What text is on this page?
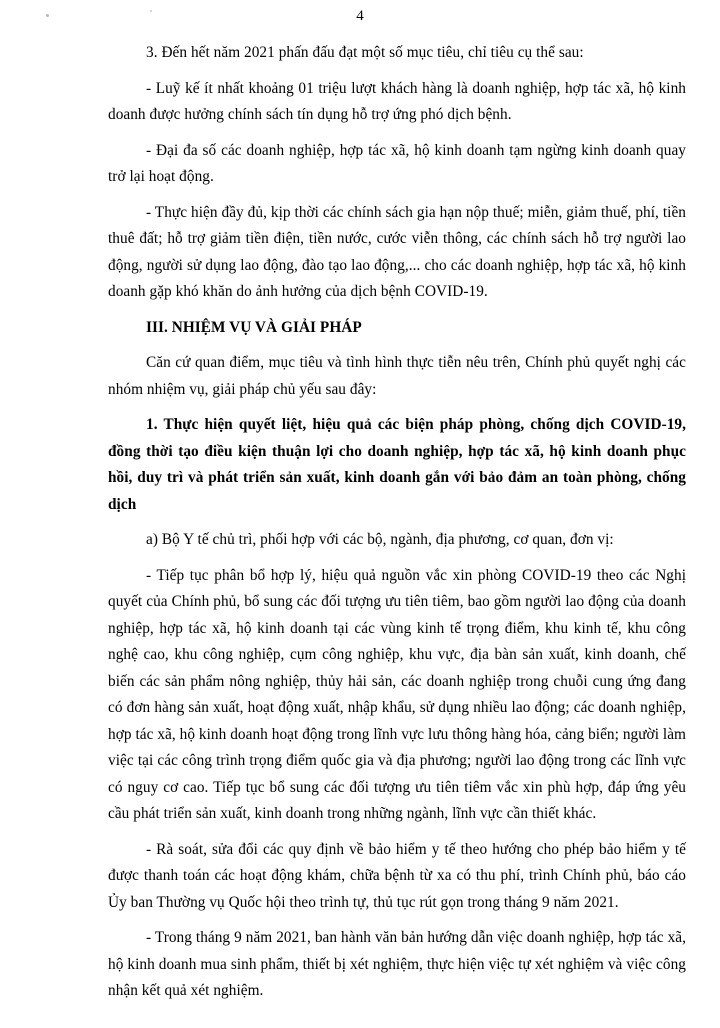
4

3. Đến hết năm 2021 phấn đấu đạt một số mục tiêu, chỉ tiêu cụ thể sau:

- Luỹ kế ít nhất khoảng 01 triệu lượt khách hàng là doanh nghiệp, hợp tác xã, hộ kinh doanh được hưởng chính sách tín dụng hỗ trợ ứng phó dịch bệnh.

- Đại đa số các doanh nghiệp, hợp tác xã, hộ kinh doanh tạm ngừng kinh doanh quay trở lại hoạt động.

- Thực hiện đầy đủ, kịp thời các chính sách gia hạn nộp thuế; miễn, giảm thuế, phí, tiền thuê đất; hỗ trợ giảm tiền điện, tiền nước, cước viễn thông, các chính sách hỗ trợ người lao động, người sử dụng lao động, đào tạo lao động,... cho các doanh nghiệp, hợp tác xã, hộ kinh doanh gặp khó khăn do ảnh hưởng của dịch bệnh COVID-19.

III. NHIỆM VỤ VÀ GIẢI PHÁP

Căn cứ quan điểm, mục tiêu và tình hình thực tiễn nêu trên, Chính phủ quyết nghị các nhóm nhiệm vụ, giải pháp chủ yếu sau đây:

1. Thực hiện quyết liệt, hiệu quả các biện pháp phòng, chống dịch COVID-19, đồng thời tạo điều kiện thuận lợi cho doanh nghiệp, hợp tác xã, hộ kinh doanh phục hồi, duy trì và phát triển sản xuất, kinh doanh gắn với bảo đảm an toàn phòng, chống dịch

a) Bộ Y tế chủ trì, phối hợp với các bộ, ngành, địa phương, cơ quan, đơn vị:

- Tiếp tục phân bổ hợp lý, hiệu quả nguồn vắc xin phòng COVID-19 theo các Nghị quyết của Chính phủ, bổ sung các đối tượng ưu tiên tiêm, bao gồm người lao động của doanh nghiệp, hợp tác xã, hộ kinh doanh tại các vùng kinh tế trọng điểm, khu kinh tế, khu công nghệ cao, khu công nghiệp, cụm công nghiệp, khu vực, địa bàn sản xuất, kinh doanh, chế biến các sản phẩm nông nghiệp, thủy hải sản, các doanh nghiệp trong chuỗi cung ứng đang có đơn hàng sản xuất, hoạt động xuất, nhập khẩu, sử dụng nhiều lao động; các doanh nghiệp, hợp tác xã, hộ kinh doanh hoạt động trong lĩnh vực lưu thông hàng hóa, cảng biển; người làm việc tại các công trình trọng điểm quốc gia và địa phương; người lao động trong các lĩnh vực có nguy cơ cao. Tiếp tục bổ sung các đối tượng ưu tiên tiêm vắc xin phù hợp, đáp ứng yêu cầu phát triển sản xuất, kinh doanh trong những ngành, lĩnh vực cần thiết khác.

- Rà soát, sửa đổi các quy định về bảo hiểm y tế theo hướng cho phép bảo hiểm y tế được thanh toán các hoạt động khám, chữa bệnh từ xa có thu phí, trình Chính phủ, báo cáo Ủy ban Thường vụ Quốc hội theo trình tự, thủ tục rút gọn trong tháng 9 năm 2021.

- Trong tháng 9 năm 2021, ban hành văn bản hướng dẫn việc doanh nghiệp, hợp tác xã, hộ kinh doanh mua sinh phẩm, thiết bị xét nghiệm, thực hiện việc tự xét nghiệm và việc công nhận kết quả xét nghiệm.
